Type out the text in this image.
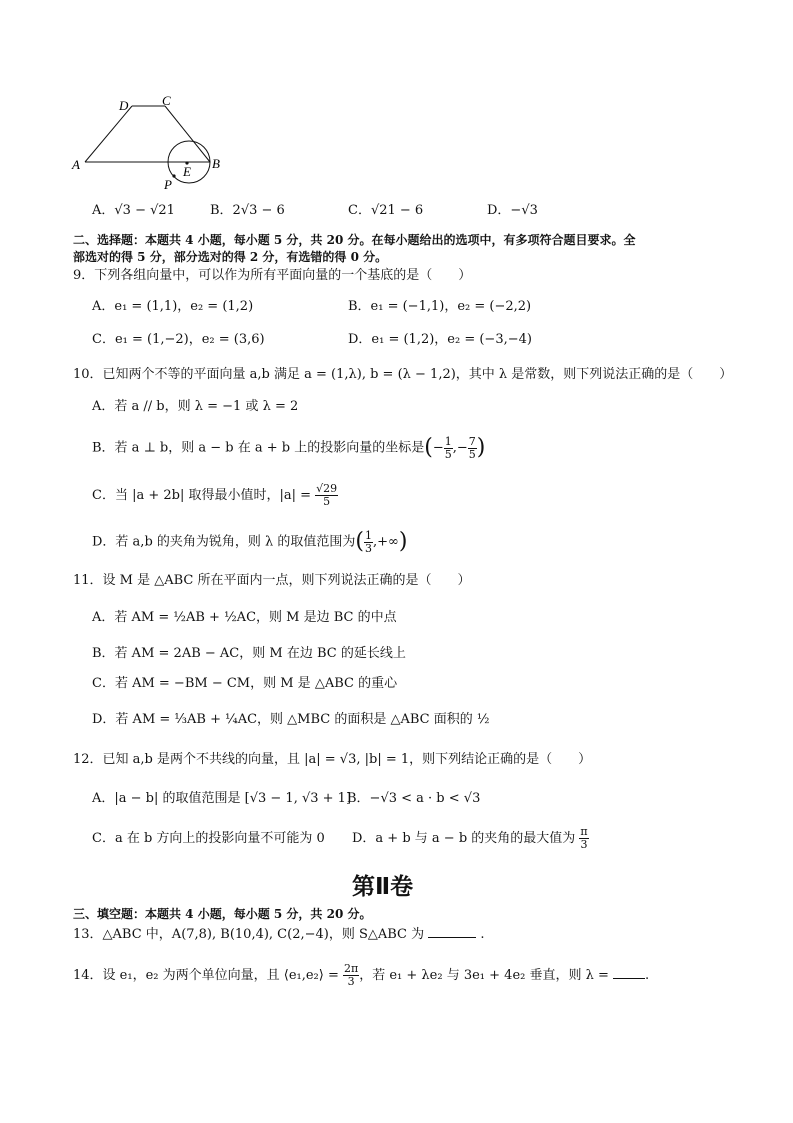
A	B
C
D
E
P
A．√3 − √21	B．2√3 − 6	C．√21 − 6	D．−√3
二、选择题：本题共 4 小题，每小题 5 分，共 20 分。在每小题给出的选项中，有多项符合题目要求。全
部选对的得 5 分，部分选对的得 2 分，有选错的得 0 分。
9．下列各组向量中，可以作为所有平面向量的一个基底的是（　　）
A．e₁ = (1,1)，e₂ = (1,2)	B．e₁ = (−1,1)，e₂ = (−2,2)
C．e₁ = (1,−2)，e₂ = (3,6)	D．e₁ = (1,2)，e₂ = (−3,−4)
10．已知两个不等的平面向量 a,b 满足 a = (1,λ), b = (λ − 1,2)，其中 λ 是常数，则下列说法正确的是（　　）
A．若 a // b，则 λ = −1 或 λ = 2
B．若 a ⊥ b，则 a − b 在 a + b 上的投影向量的坐标是(− $\frac{1}{5}$ ,− $\frac{7}{5}$ )
C．当 |a + 2b| 取得最小值时，$|a| = \frac{√29}{5}$
D．若 a,b 的夹角为锐角，则 λ 的取值范围为( $\frac{1}{3}$ ,+∞)
11．设 M 是 △ABC 所在平面内一点，则下列说法正确的是（　　）
A．若 AM = ½AB + ½AC，则 M 是边 BC 的中点
B．若 AM = 2AB − AC，则 M 在边 BC 的延长线上
C．若 AM = −BM − CM，则 M 是 △ABC 的重心
D．若 AM = ⅓AB + ¼AC，则 △MBC 的面积是 △ABC 面积的 ½
12．已知 a,b 是两个不共线的向量，且 |a| = √3, |b| = 1，则下列结论正确的是（　　）
A．|a − b| 的取值范围是 [√3 − 1, √3 + 1]
B．−√3 < a · b < √3
C．a 在 b 方向上的投影向量不可能为 0 D．a + b 与 a − b 的夹角的最大值为 $\frac{\pi}{3}$
第Ⅱ卷
三、填空题：本题共 4 小题，每小题 5 分，共 20 分。
13．△ABC 中，A(7,8), B(10,4), C(2,−4)，则 S△ABC 为	.
14．设 e₁，e₂ 为两个单位向量，且 ⟨e₁,e₂⟩ = $\frac{2\pi}{3}$ ，若 e₁ + λe₂ 与 3e₁ + 4e₂ 垂直，则 λ =	.
